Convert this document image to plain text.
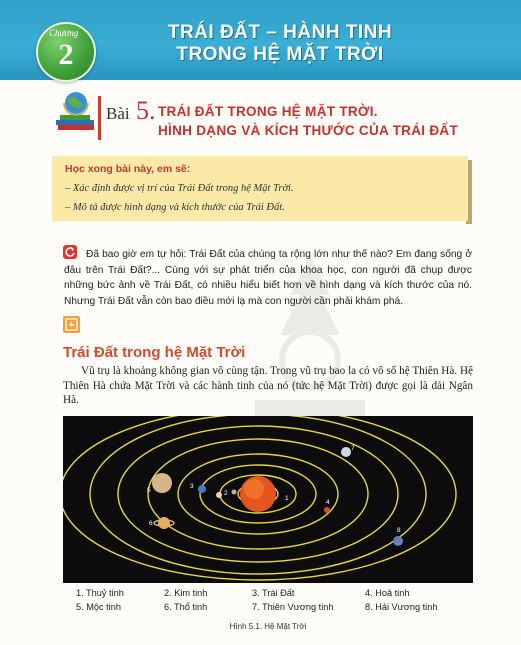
Chương
2
TRÁI ĐẤT – HÀNH TINH
TRONG HỆ MẶT TRỜI
Bài 5. TRÁI ĐẤT TRONG HỆ MẶT TRỜI.
HÌNH DẠNG VÀ KÍCH THƯỚC CỦA TRÁI ĐẤT
Học xong bài này, em sẽ:
– Xác định được vị trí của Trái Đất trong hệ Mặt Trời.
– Mô tả được hình dạng và kích thước của Trái Đất.
Đã bao giờ em tự hỏi: Trái Đất của chúng ta rộng lớn như thế nào? Em đang sống ở đâu trên Trái Đất?... Cùng với sự phát triển của khoa học, con người đã chụp được những bức ảnh về Trái Đất, có nhiều hiểu biết hơn về hình dạng và kích thước của nó. Nhưng Trái Đất vẫn còn bao điều mới lạ mà con người cần phải khám phá.
Trái Đất trong hệ Mặt Trời
Vũ trụ là khoảng không gian vô cùng tận. Trong vũ trụ bao la có vô số hệ Thiên Hà. Hệ Thiên Hà chứa Mặt Trời và các hành tinh của nó (tức hệ Mặt Trời) được gọi là dải Ngân Hà.
1
2
3
4
5
6
7
8
1. Thuỷ tinh	2. Kim tinh	3. Trái Đất	4. Hoả tinh
5. Mộc tinh	6. Thổ tinh	7. Thiên Vương tinh	8. Hải Vương tinh
Hình 5.1. Hệ Mặt Trời
